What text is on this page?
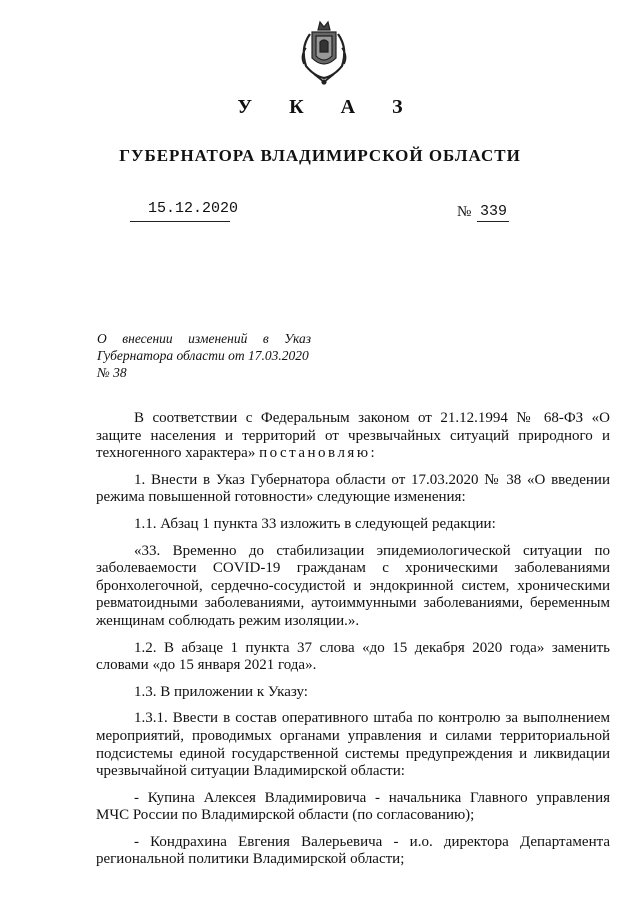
У К А З
ГУБЕРНАТОРА ВЛАДИМИРСКОЙ ОБЛАСТИ
15.12.2020	№ 339
О внесении изменений в Указ
Губернатора области от 17.03.2020
№ 38

В соответствии с Федеральным законом от 21.12.1994 № 68-ФЗ «О защите населения и территорий от чрезвычайных ситуаций природного и техногенного характера» постановляю:

1. Внести в Указ Губернатора области от 17.03.2020 № 38 «О введении режима повышенной готовности» следующие изменения:

1.1. Абзац 1 пункта 33 изложить в следующей редакции:

«33. Временно до стабилизации эпидемиологической ситуации по заболеваемости COVID-19 гражданам с хроническими заболеваниями бронхолегочной, сердечно-сосудистой и эндокринной систем, хроническими ревматоидными заболеваниями, аутоиммунными заболеваниями, беременным женщинам соблюдать режим изоляции.».

1.2. В абзаце 1 пункта 37 слова «до 15 декабря 2020 года» заменить словами «до 15 января 2021 года».

1.3. В приложении к Указу:

1.3.1. Ввести в состав оперативного штаба по контролю за выполнением мероприятий, проводимых органами управления и силами территориальной подсистемы единой государственной системы предупреждения и ликвидации чрезвычайной ситуации Владимирской области:

- Купина Алексея Владимировича - начальника Главного управления МЧС России по Владимирской области (по согласованию);

- Кондрахина Евгения Валерьевича - и.о. директора Департамента региональной политики Владимирской области;
